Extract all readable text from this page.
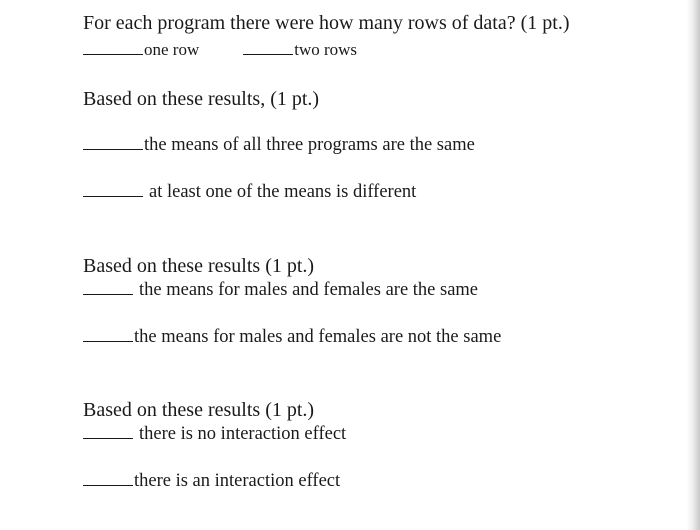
For each program there were how many rows of data? (1 pt.)
one row	two rows
Based on these results, (1 pt.)
the means of all three programs are the same
at least one of the means is different
Based on these results (1 pt.)
the means for males and females are the same
the means for males and females are not the same
Based on these results (1 pt.)
there is no interaction effect
there is an interaction effect
